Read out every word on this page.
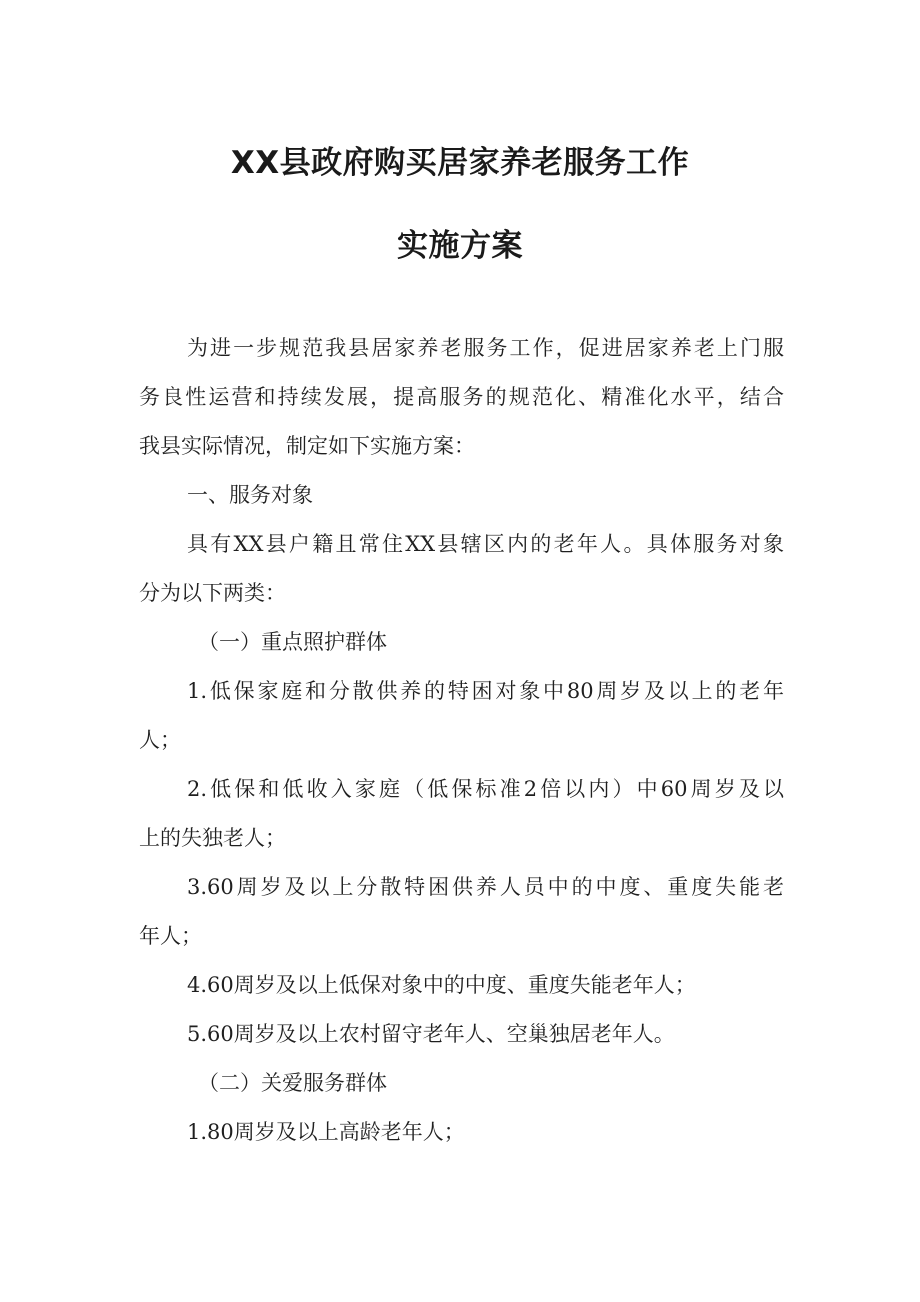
XX县政府购买居家养老服务工作
实施方案
为进一步规范我县居家养老服务工作，促进居家养老上门服
务良性运营和持续发展，提高服务的规范化、精准化水平，结合
我县实际情况，制定如下实施方案：
一、服务对象
具有XX县户籍且常住XX县辖区内的老年人。具体服务对象
分为以下两类：
（一）重点照护群体
1.低保家庭和分散供养的特困对象中80周岁及以上的老年
人；
2.低保和低收入家庭（低保标准2倍以内）中60周岁及以
上的失独老人；
3.60周岁及以上分散特困供养人员中的中度、重度失能老
年人；
4.60周岁及以上低保对象中的中度、重度失能老年人；
5.60周岁及以上农村留守老年人、空巢独居老年人。
（二）关爱服务群体
1.80周岁及以上高龄老年人；
